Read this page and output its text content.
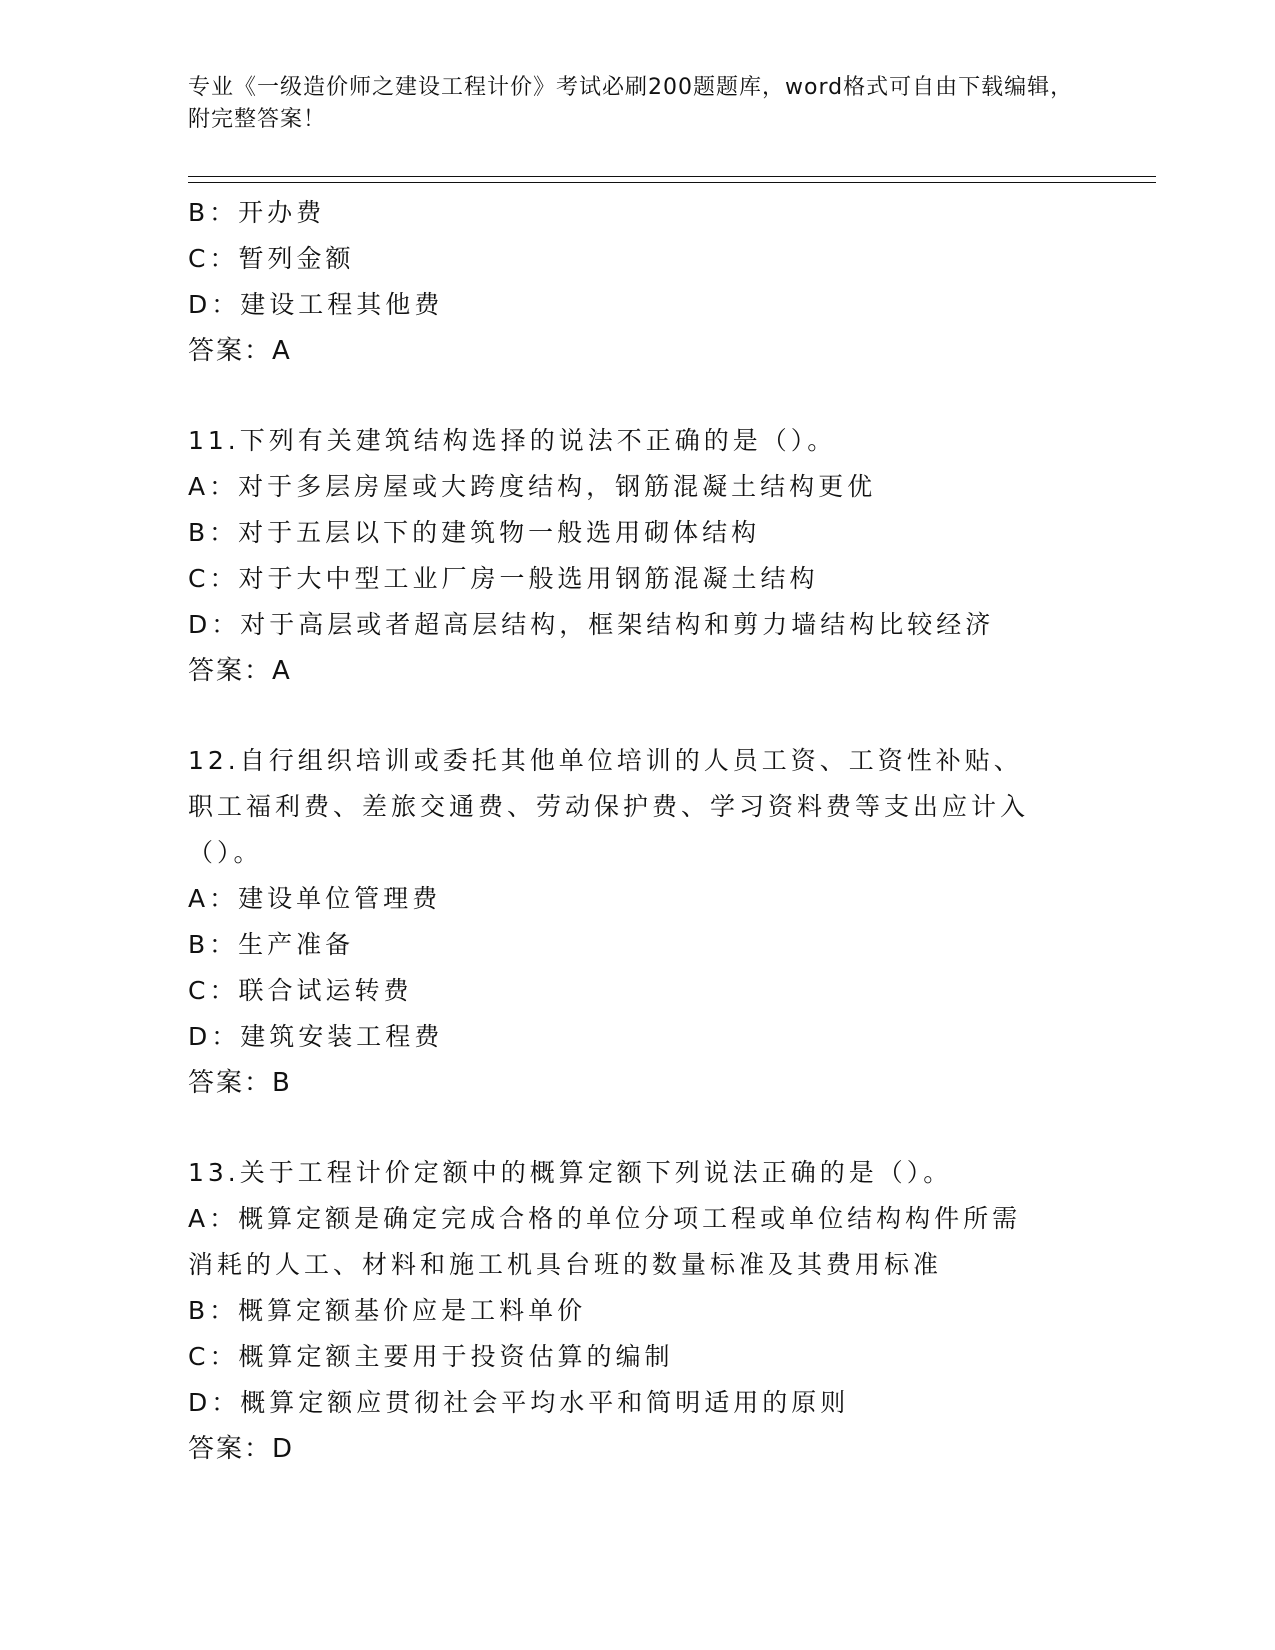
专业《一级造价师之建设工程计价》考试必刷200题题库，word格式可自由下载编辑，附完整答案！
B：开办费
C：暂列金额
D：建设工程其他费
答案：A
11.下列有关建筑结构选择的说法不正确的是（）。
A：对于多层房屋或大跨度结构，钢筋混凝土结构更优
B：对于五层以下的建筑物一般选用砌体结构
C：对于大中型工业厂房一般选用钢筋混凝土结构
D：对于高层或者超高层结构，框架结构和剪力墙结构比较经济
答案：A
12.自行组织培训或委托其他单位培训的人员工资、工资性补贴、职工福利费、差旅交通费、劳动保护费、学习资料费等支出应计入（）。
A：建设单位管理费
B：生产准备
C：联合试运转费
D：建筑安装工程费
答案：B
13.关于工程计价定额中的概算定额下列说法正确的是（）。
A：概算定额是确定完成合格的单位分项工程或单位结构构件所需消耗的人工、材料和施工机具台班的数量标准及其费用标准
B：概算定额基价应是工料单价
C：概算定额主要用于投资估算的编制
D：概算定额应贯彻社会平均水平和简明适用的原则
答案：D
